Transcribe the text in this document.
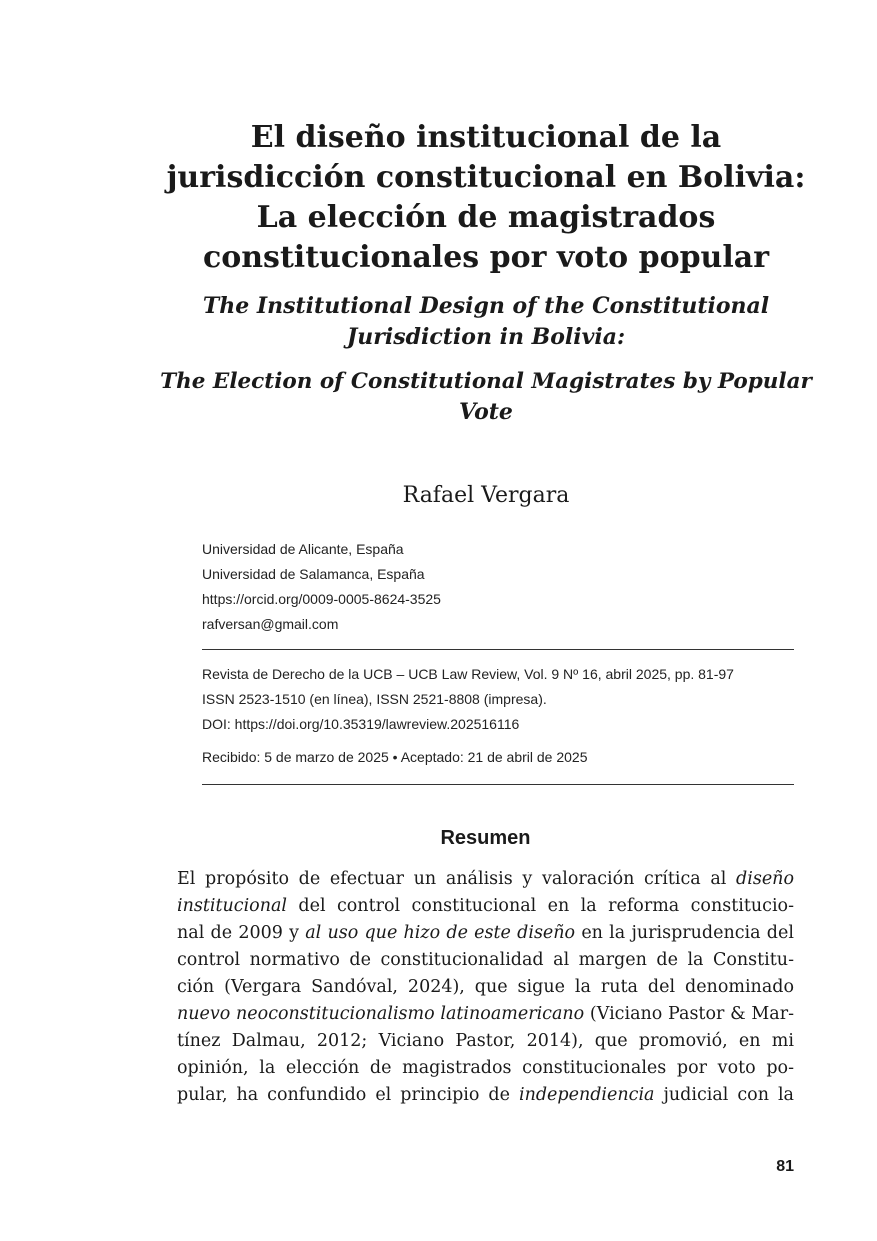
El diseño institucional de la
jurisdicción constitucional en Bolivia:
La elección de magistrados
constitucionales por voto popular
The Institutional Design of the Constitutional
Jurisdiction in Bolivia:
The Election of Constitutional Magistrates by Popular
Vote
Rafael Vergara
Universidad de Alicante, España
Universidad de Salamanca, España
https://orcid.org/0009-0005-8624-3525
rafversan@gmail.com
Revista de Derecho de la UCB – UCB Law Review, Vol. 9 Nº 16, abril 2025, pp. 81-97
ISSN 2523-1510 (en línea), ISSN 2521-8808 (impresa).
DOI: https://doi.org/10.35319/lawreview.202516116
Recibido: 5 de marzo de 2025 • Aceptado: 21 de abril de 2025
Resumen
El propósito de efectuar un análisis y valoración crítica al diseño
institucional del control constitucional en la reforma constitucio-
nal de 2009 y al uso que hizo de este diseño en la jurisprudencia del
control normativo de constitucionalidad al margen de la Constitu-
ción (Vergara Sandóval, 2024), que sigue la ruta del denominado
nuevo neoconstitucionalismo latinoamericano (Viciano Pastor & Mar-
tínez Dalmau, 2012; Viciano Pastor, 2014), que promovió, en mi
opinión, la elección de magistrados constitucionales por voto po-
pular, ha confundido el principio de independiencia judicial con la
81
